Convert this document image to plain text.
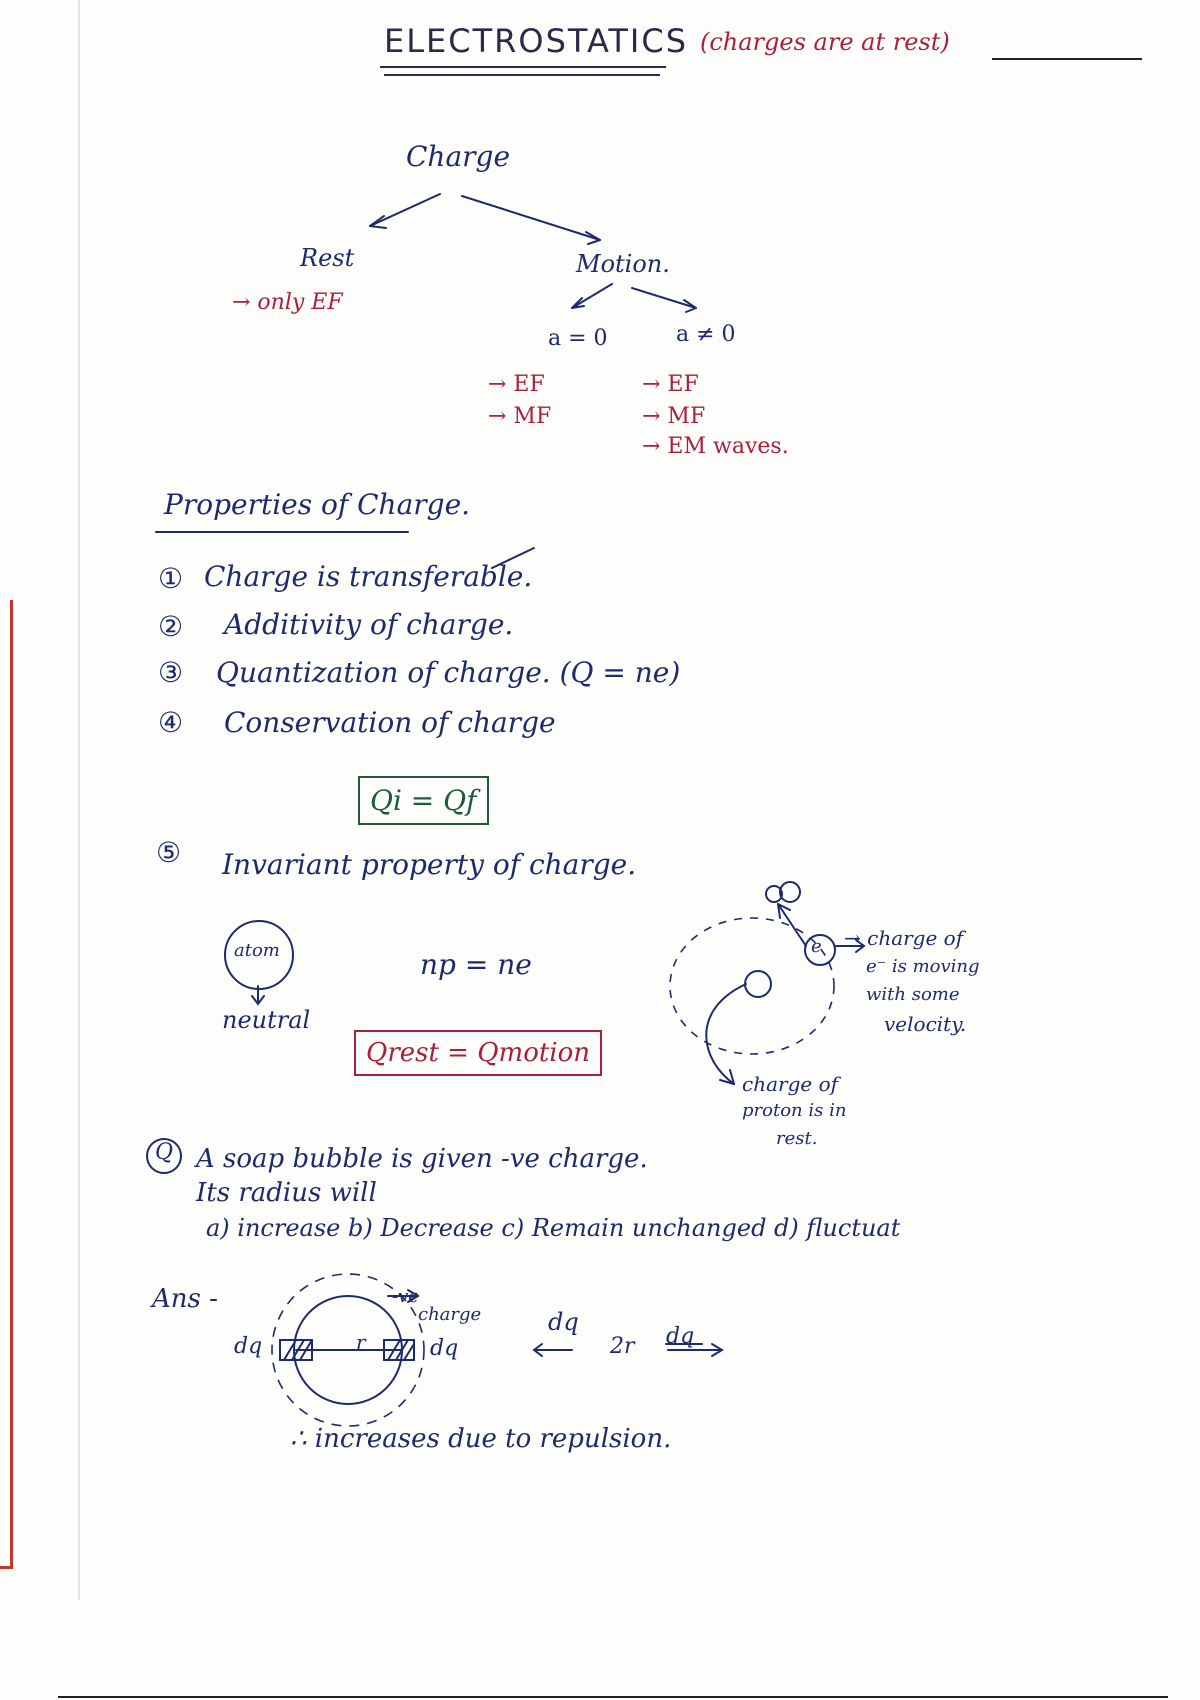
ELECTROSTATICS (charges are at rest)
Charge
Rest
→ only EF
Motion.
a = 0	a ≠ 0
→ EF
→ MF
→ EF
→ MF
→ EM waves.
Properties of Charge.
① Charge is transferable.
② Additivity of charge.
③ Quantization of charge. (Q = ne)
④ Conservation of charge
Qi = Qf
⑤ Invariant property of charge.
atom
neutral
np = ne
Qrest = Qmotion
e → charge of
e⁻ is moving
with some
velocity.
charge of
proton is in
rest.
Q A soap bubble is given -ve charge.
Its radius will
a) increase b) Decrease c) Remain unchanged d) fluctuat
Ans -	-ve
charge
dq	r	dq
dq
2r dq
∴ increases due to repulsion.
